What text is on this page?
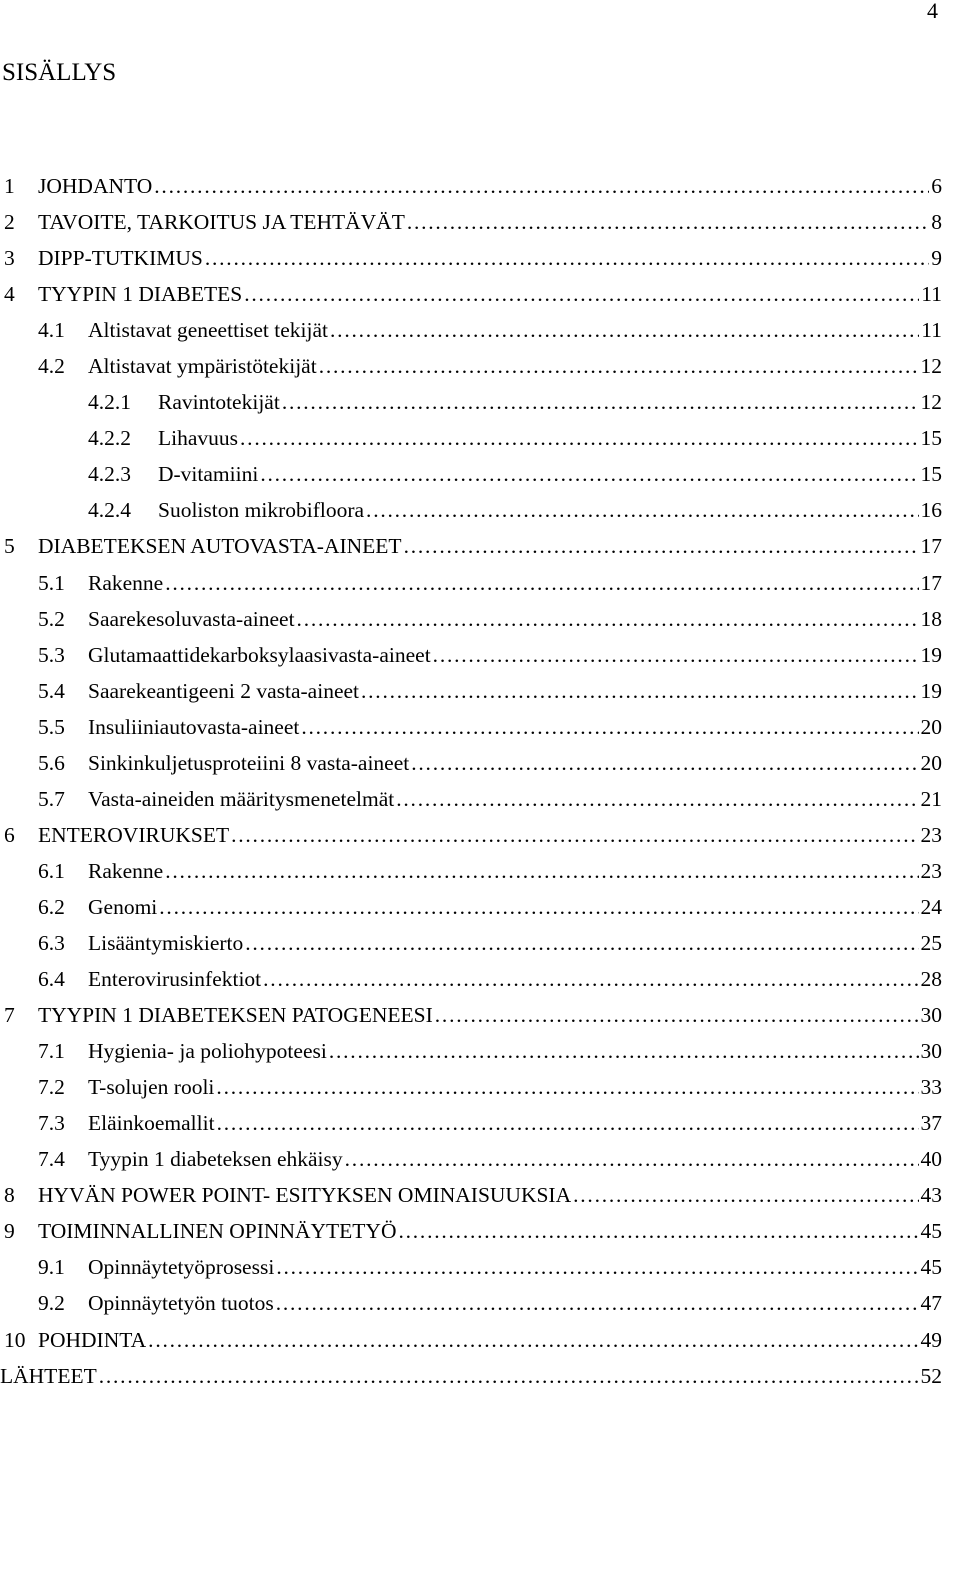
4
SISÄLLYS
1 JOHDANTO . . .	6
2 TAVOITE, TARKOITUS JA TEHTÄVÄT . . .	8
3 DIPP-TUTKIMUS . . .	9
4 TYYPIN 1 DIABETES . . .	11
4.1 Altistavat geneettiset tekijät . . .	11
4.2 Altistavat ympäristötekijät . . .	12
4.2.1 Ravintotekijät . . .	12
4.2.2 Lihavuus . . .	15
4.2.3 D-vitamiini . . .	15
4.2.4 Suoliston mikrobifloora . . .	16
5 DIABETEKSEN AUTOVASTA-AINEET . . .	17
5.1 Rakenne . . .	17
5.2 Saarekesoluvasta-aineet . . .	18
5.3 Glutamaattidekarboksylaasivasta-aineet . . .	19
5.4 Saarekeantigeeni 2 vasta-aineet . . .	19
5.5 Insuliiniautovasta-aineet . . .	20
5.6 Sinkinkuljetusproteiini 8 vasta-aineet . . .	20
5.7 Vasta-aineiden määritysmenetelmät . . .	21
6 ENTEROVIRUKSET . . .	23
6.1 Rakenne . . .	23
6.2 Genomi . . .	24
6.3 Lisääntymiskierto . . .	25
6.4 Enterovirusinfektiot . . .	28
7 TYYPIN 1 DIABETEKSEN PATOGENEESI . . .	30
7.1 Hygienia- ja poliohypoteesi . . .	30
7.2 T-solujen rooli . . .	33
7.3 Eläinkoemallit . . .	37
7.4 Tyypin 1 diabeteksen ehkäisy . . .	40
8 HYVÄN POWER POINT- ESITYKSEN OMINAISUUKSIA . . .	43
9 TOIMINNALLINEN OPINNÄYTETYÖ . . .	45
9.1 Opinnäytetyöprosessi . . .	45
9.2 Opinnäytetyön tuotos . . .	47
10 POHDINTA . . .	49
LÄHTEET . . .	52
